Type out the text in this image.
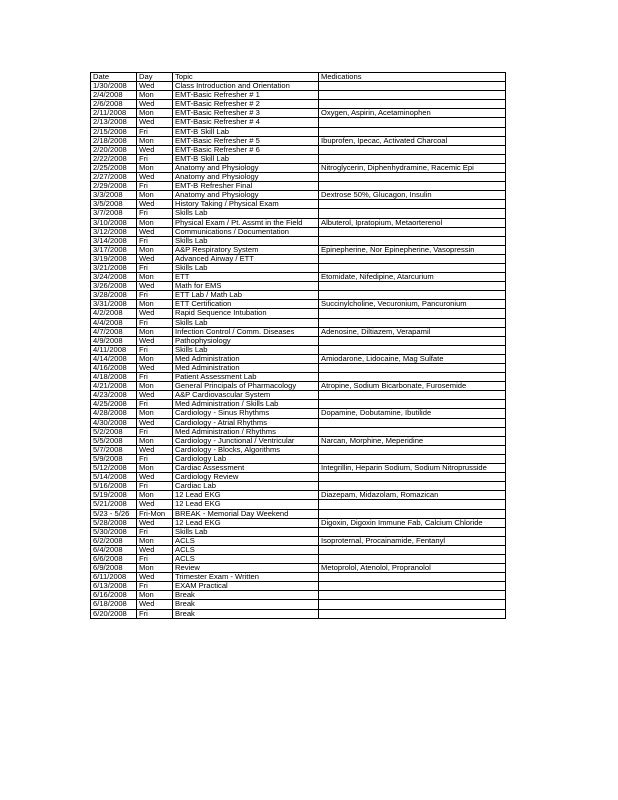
Date	Day	Topic	Medications
1/30/2008	Wed	Class Introduction and Orientation	
2/4/2008	Mon	EMT-Basic Refresher # 1	
2/6/2008	Wed	EMT-Basic Refresher # 2	
2/11/2008	Mon	EMT-Basic Refresher # 3	Oxygen, Aspirin, Acetaminophen
2/13/2008	Wed	EMT-Basic Refresher # 4	
2/15/2008	Fri	EMT-B Skill Lab	
2/18/2008	Mon	EMT-Basic Refresher # 5	Ibuprofen, Ipecac, Activated Charcoal
2/20/2008	Wed	EMT-Basic Refresher # 6	
2/22/2008	Fri	EMT-B Skill Lab	
2/25/2008	Mon	Anatomy and Physiology	Nitroglycerin, Diphenhydramine, Racemic Epi
2/27/2008	Wed	Anatomy and Physiology	
2/29/2008	Fri	EMT-B Refresher Final	
3/3/2008	Mon	Anatomy and Physiology	Dextrose 50%, Glucagon, Insulin
3/5/2008	Wed	History Taking / Physical Exam	
3/7/2008	Fri	Skills Lab	
3/10/2008	Mon	Physical Exam / Pt. Assmt in the Field	Albuterol, Ipratopium, Metaorterenol
3/12/2008	Wed	Communications / Documentation	
3/14/2008	Fri	Skills Lab	
3/17/2008	Mon	A&P Respiratory System	Epinepherine, Nor Epinepherine, Vasopressin
3/19/2008	Wed	Advanced Airway / ETT	
3/21/2008	Fri	Skills Lab	
3/24/2008	Mon	ETT	Etomidate, Nifedipine, Atarcurium
3/26/2008	Wed	Math for EMS	
3/28/2008	Fri	ETT Lab / Math Lab	
3/31/2008	Mon	ETT Certification	Succinylcholine, Vecuronium, Pancuronium
4/2/2008	Wed	Rapid Sequence Intubation	
4/4/2008	Fri	Skills Lab	
4/7/2008	Mon	Infection Control / Comm. Diseases	Adenosine, Diltiazem, Verapamil
4/9/2008	Wed	Pathophysiology	
4/11/2008	Fri	Skills Lab	
4/14/2008	Mon	Med Administration	Amiodarone, Lidocaine, Mag Sulfate
4/16/2008	Wed	Med Administration	
4/18/2008	Fri	Patient Assessment Lab	
4/21/2008	Mon	General Principals of Pharmacology	Atropine, Sodium Bicarbonate, Furosemide
4/23/2008	Wed	A&P Cardiovascular System	
4/25/2008	Fri	Med Administration / Skills Lab	
4/28/2008	Mon	Cardiology - Sinus Rhythms	Dopamine, Dobutamine, Ibutilide
4/30/2008	Wed	Cardiology - Atrial Rhythms	
5/2/2008	Fri	Med Administration / Rhythms	
5/5/2008	Mon	Cardiology - Junctional / Ventricular	Narcan, Morphine, Meperidine
5/7/2008	Wed	Cardiology - Blocks, Algorithms	
5/9/2008	Fri	Cardiology Lab	
5/12/2008	Mon	Cardiac Assessment	Integrillin, Heparin Sodium, Sodium Nitroprusside
5/14/2008	Wed	Cardiology Review	
5/16/2008	Fri	Cardiac Lab	
5/19/2008	Mon	12 Lead EKG	Diazepam, Midazolam, Romazican
5/21/2008	Wed	12 Lead EKG	
5/23 - 5/26	Fri-Mon	BREAK - Memorial Day Weekend	
5/28/2008	Wed	12 Lead EKG	Digoxin, Digoxin Immune Fab, Calcium Chloride
5/30/2008	Fri	Skills Lab	
6/2/2008	Mon	ACLS	Isoproternal, Procainamide, Fentanyl
6/4/2008	Wed	ACLS	
6/6/2008	Fri	ACLS	
6/9/2008	Mon	Review	Metoprolol, Atenolol, Propranolol
6/11/2008	Wed	Trimester Exam - Written	
6/13/2008	Fri	EXAM Practical	
6/16/2008	Mon	Break	
6/18/2008	Wed	Break	
6/20/2008	Fri	Break	
